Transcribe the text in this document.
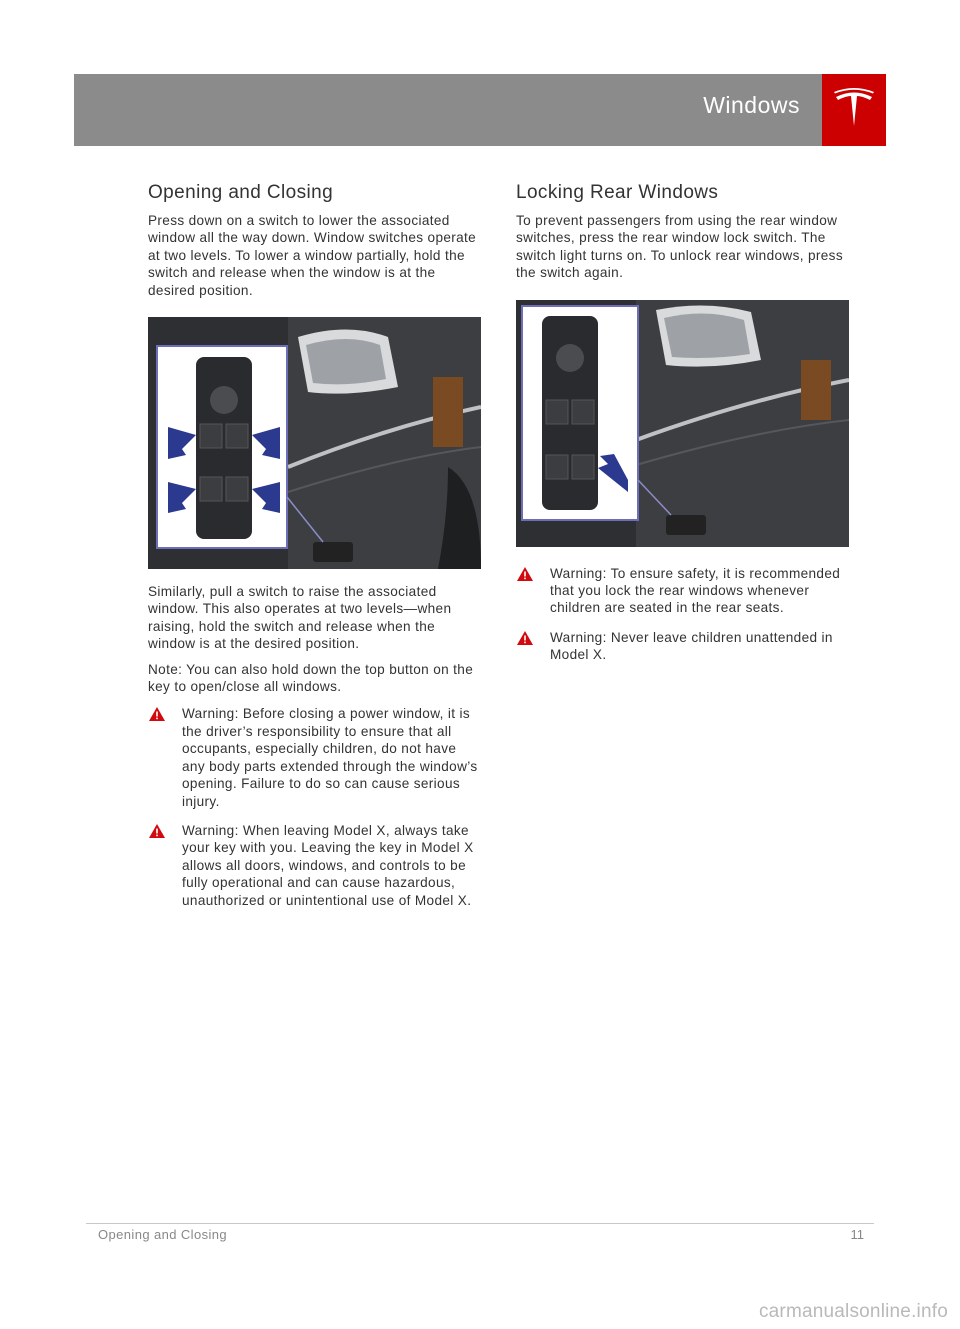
Windows
Opening and Closing

Press down on a switch to lower the associated window all the way down. Window switches operate at two levels. To lower a window partially, hold the switch and release when the window is at the desired position.

Similarly, pull a switch to raise the associated window. This also operates at two levels—when raising, hold the switch and release when the window is at the desired position.

Note: You can also hold down the top button on the key to open/close all windows.

Warning: Before closing a power window, it is the driver’s responsibility to ensure that all occupants, especially children, do not have any body parts extended through the window’s opening. Failure to do so can cause serious injury.
Warning: When leaving Model X, always take your key with you. Leaving the key in Model X allows all doors, windows, and controls to be fully operational and can cause hazardous, unauthorized or unintentional use of Model X.
Locking Rear Windows

To prevent passengers from using the rear window switches, press the rear window lock switch. The switch light turns on. To unlock rear windows, press the switch again.

Warning: To ensure safety, it is recommended that you lock the rear windows whenever children are seated in the rear seats.
Warning: Never leave children unattended in Model X.
Opening and Closing	11
carmanualsonline.info
